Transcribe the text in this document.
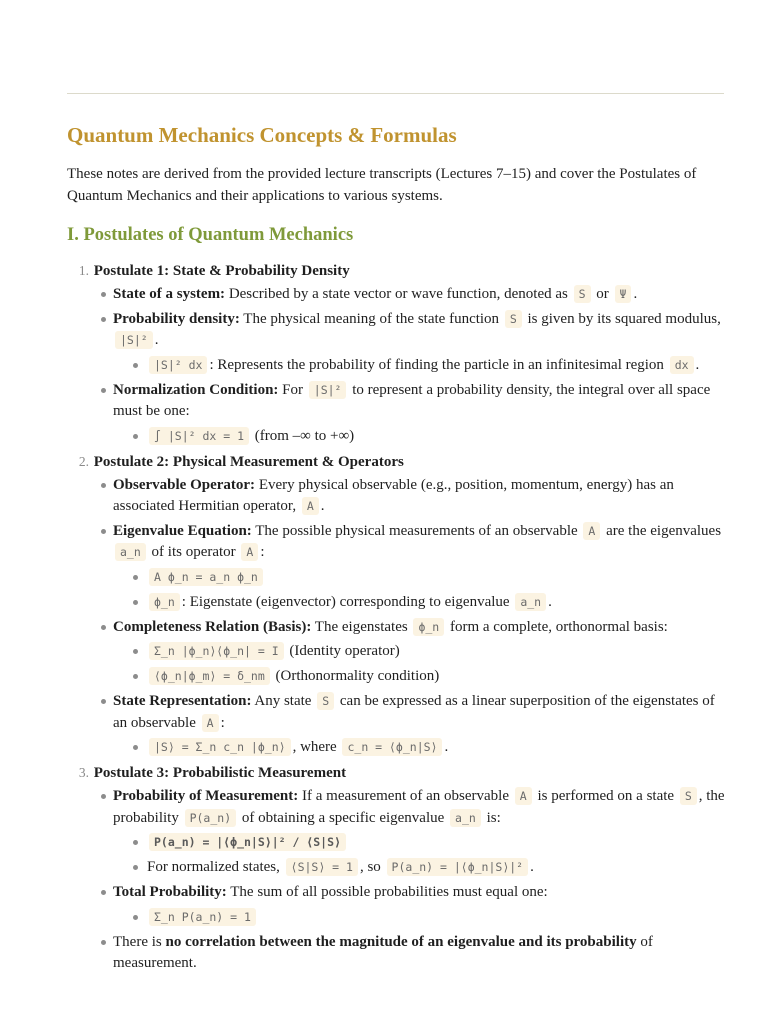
Quantum Mechanics Concepts & Formulas

These notes are derived from the provided lecture transcripts (Lectures 7–15) and cover the Postulates of Quantum Mechanics and their applications to various systems.

I. Postulates of Quantum Mechanics
1. Postulate 1: State & Probability Density
State of a system: Described by a state vector or wave function, denoted as S or Ψ .
Probability density: The physical meaning of the state function S is given by its squared modulus, |S|² .
|S|² dx : Represents the probability of finding the particle in an infinitesimal region dx .
Normalization Condition: For |S|² to represent a probability density, the integral over all space must be one:
∫ |S|² dx = 1 (from –∞ to +∞)
2. Postulate 2: Physical Measurement & Operators
Observable Operator: Every physical observable (e.g., position, momentum, energy) has an associated Hermitian operator, A .
Eigenvalue Equation: The possible physical measurements of an observable A are the eigenvalues a_n of its operator A :
A ϕ_n = a_n ϕ_n
ϕ_n : Eigenstate (eigenvector) corresponding to eigenvalue a_n .
Completeness Relation (Basis): The eigenstates ϕ_n form a complete, orthonormal basis:
Σ_n |ϕ_n⟩⟨ϕ_n| = I (Identity operator)
⟨ϕ_n|ϕ_m⟩ = δ_nm (Orthonormality condition)
State Representation: Any state S can be expressed as a linear superposition of the eigenstates of an observable A :
|S⟩ = Σ_n c_n |ϕ_n⟩ , where c_n = ⟨ϕ_n|S⟩ .
3. Postulate 3: Probabilistic Measurement
Probability of Measurement: If a measurement of an observable A is performed on a state S , the probability P(a_n) of obtaining a specific eigenvalue a_n is:
P(a_n) = |⟨ϕ_n|S⟩|² / ⟨S|S⟩
For normalized states, ⟨S|S⟩ = 1 , so P(a_n) = |⟨ϕ_n|S⟩|² .
Total Probability: The sum of all possible probabilities must equal one:
Σ_n P(a_n) = 1
There is no correlation between the magnitude of an eigenvalue and its probability of measurement.
